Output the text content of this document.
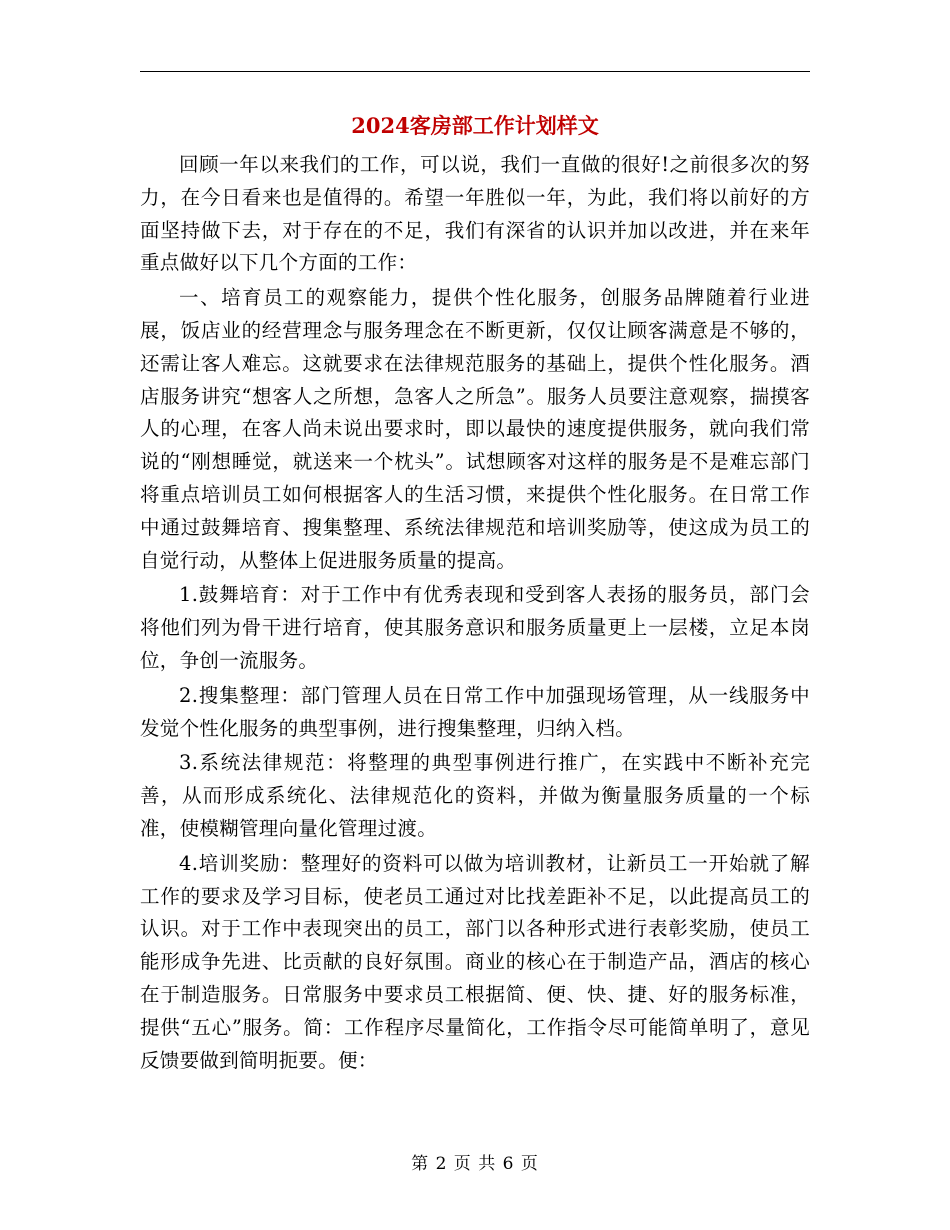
2024客房部工作计划样文

回顾一年以来我们的工作，可以说，我们一直做的很好!之前很多次的努力，在今日看来也是值得的。希望一年胜似一年，为此，我们将以前好的方面坚持做下去，对于存在的不足，我们有深省的认识并加以改进，并在来年重点做好以下几个方面的工作：

一、培育员工的观察能力，提供个性化服务，创服务品牌随着行业进展，饭店业的经营理念与服务理念在不断更新，仅仅让顾客满意是不够的，还需让客人难忘。这就要求在法律规范服务的基础上，提供个性化服务。酒店服务讲究“想客人之所想，急客人之所急”。服务人员要注意观察，揣摸客人的心理，在客人尚未说出要求时，即以最快的速度提供服务，就向我们常说的“刚想睡觉，就送来一个枕头”。试想顾客对这样的服务是不是难忘部门将重点培训员工如何根据客人的生活习惯，来提供个性化服务。在日常工作中通过鼓舞培育、搜集整理、系统法律规范和培训奖励等，使这成为员工的自觉行动，从整体上促进服务质量的提高。

1.鼓舞培育：对于工作中有优秀表现和受到客人表扬的服务员，部门会将他们列为骨干进行培育，使其服务意识和服务质量更上一层楼，立足本岗位，争创一流服务。

2.搜集整理：部门管理人员在日常工作中加强现场管理，从一线服务中发觉个性化服务的典型事例，进行搜集整理，归纳入档。

3.系统法律规范：将整理的典型事例进行推广，在实践中不断补充完善，从而形成系统化、法律规范化的资料，并做为衡量服务质量的一个标准，使模糊管理向量化管理过渡。

4.培训奖励：整理好的资料可以做为培训教材，让新员工一开始就了解工作的要求及学习目标，使老员工通过对比找差距补不足，以此提高员工的认识。对于工作中表现突出的员工，部门以各种形式进行表彰奖励，使员工能形成争先进、比贡献的良好氛围。商业的核心在于制造产品，酒店的核心在于制造服务。日常服务中要求员工根据简、便、快、捷、好的服务标准，提供“五心”服务。简：工作程序尽量简化，工作指令尽可能简单明了，意见反馈要做到简明扼要。便：

第 2 页 共 6 页
